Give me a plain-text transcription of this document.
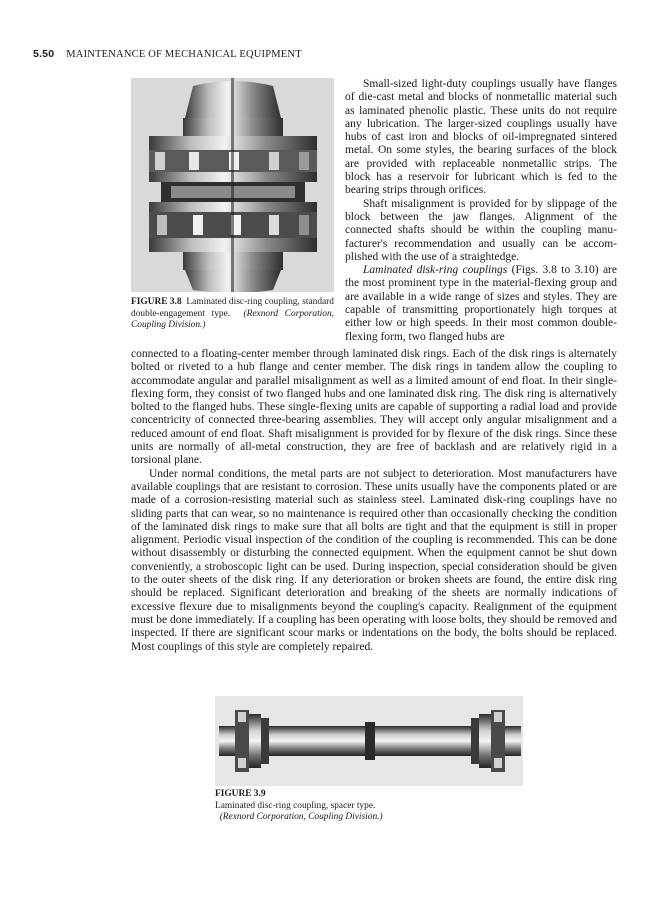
5.50 MAINTENANCE OF MECHANICAL EQUIPMENT
FIGURE 3.8 Laminated disc-ring coupling, standard double-engagement type. (Rexnord Corporation, Coupling Division.)

Small-sized light-duty couplings usually have flanges of die-cast metal and blocks of nonmetallic material such as laminated phenolic plastic. These units do not require any lubrication. The larger-sized couplings usually have hubs of cast iron and blocks of oil-impregnated sintered metal. On some styles, the bearing surfaces of the block are provided with replaceable nonmetallic strips. The block has a reservoir for lubricant which is fed to the bearing strips through orifices.

Shaft misalignment is provided for by slippage of the block between the jaw flanges. Alignment of the connected shafts should be within the coupling manufacturer's recommendation and usually can be accomplished with the use of a straightedge.

Laminated disk-ring couplings (Figs. 3.8 to 3.10) are the most prominent type in the material-flexing group and are available in a wide range of sizes and styles. They are capable of transmitting proportionately high torques at either low or high speeds. In their most common double-flexing form, two flanged hubs are

connected to a floating-center member through laminated disk rings. Each of the disk rings is alternately bolted or riveted to a hub flange and center member. The disk rings in tandem allow the coupling to accommodate angular and parallel misalignment as well as a limited amount of end float. In their single-flexing form, they consist of two flanged hubs and one laminated disk ring. The disk ring is alternatively bolted to the flanged hubs. These single-flexing units are capable of supporting a radial load and provide concentricity of connected three-bearing assemblies. They will accept only angular misalignment and a reduced amount of end float. Shaft misalignment is provided for by flexure of the disk rings. Since these units are normally of all-metal construction, they are free of backlash and are relatively rigid in a torsional plane.

Under normal conditions, the metal parts are not subject to deterioration. Most manufacturers have available couplings that are resistant to corrosion. These units usually have the components plated or are made of a corrosion-resisting material such as stainless steel. Laminated disk-ring couplings have no sliding parts that can wear, so no maintenance is required other than occasionally checking the condition of the laminated disk rings to make sure that all bolts are tight and that the equipment is still in proper alignment. Periodic visual inspection of the condition of the coupling is recommended. This can be done without disassembly or disturbing the connected equipment. When the equipment cannot be shut down conveniently, a stroboscopic light can be used. During inspection, special consideration should be given to the outer sheets of the disk ring. If any deterioration or broken sheets are found, the entire disk ring should be replaced. Significant deterioration and breaking of the sheets are normally indications of excessive flexure due to misalignments beyond the coupling's capacity. Realignment of the equipment must be done immediately. If a coupling has been operating with loose bolts, they should be removed and inspected. If there are significant scour marks or indentations on the body, the bolts should be replaced. Most couplings of this style are completely repaired.

FIGURE 3.9
Laminated disc-ring coupling, spacer type.
(Rexnord Corporation, Coupling Division.)
